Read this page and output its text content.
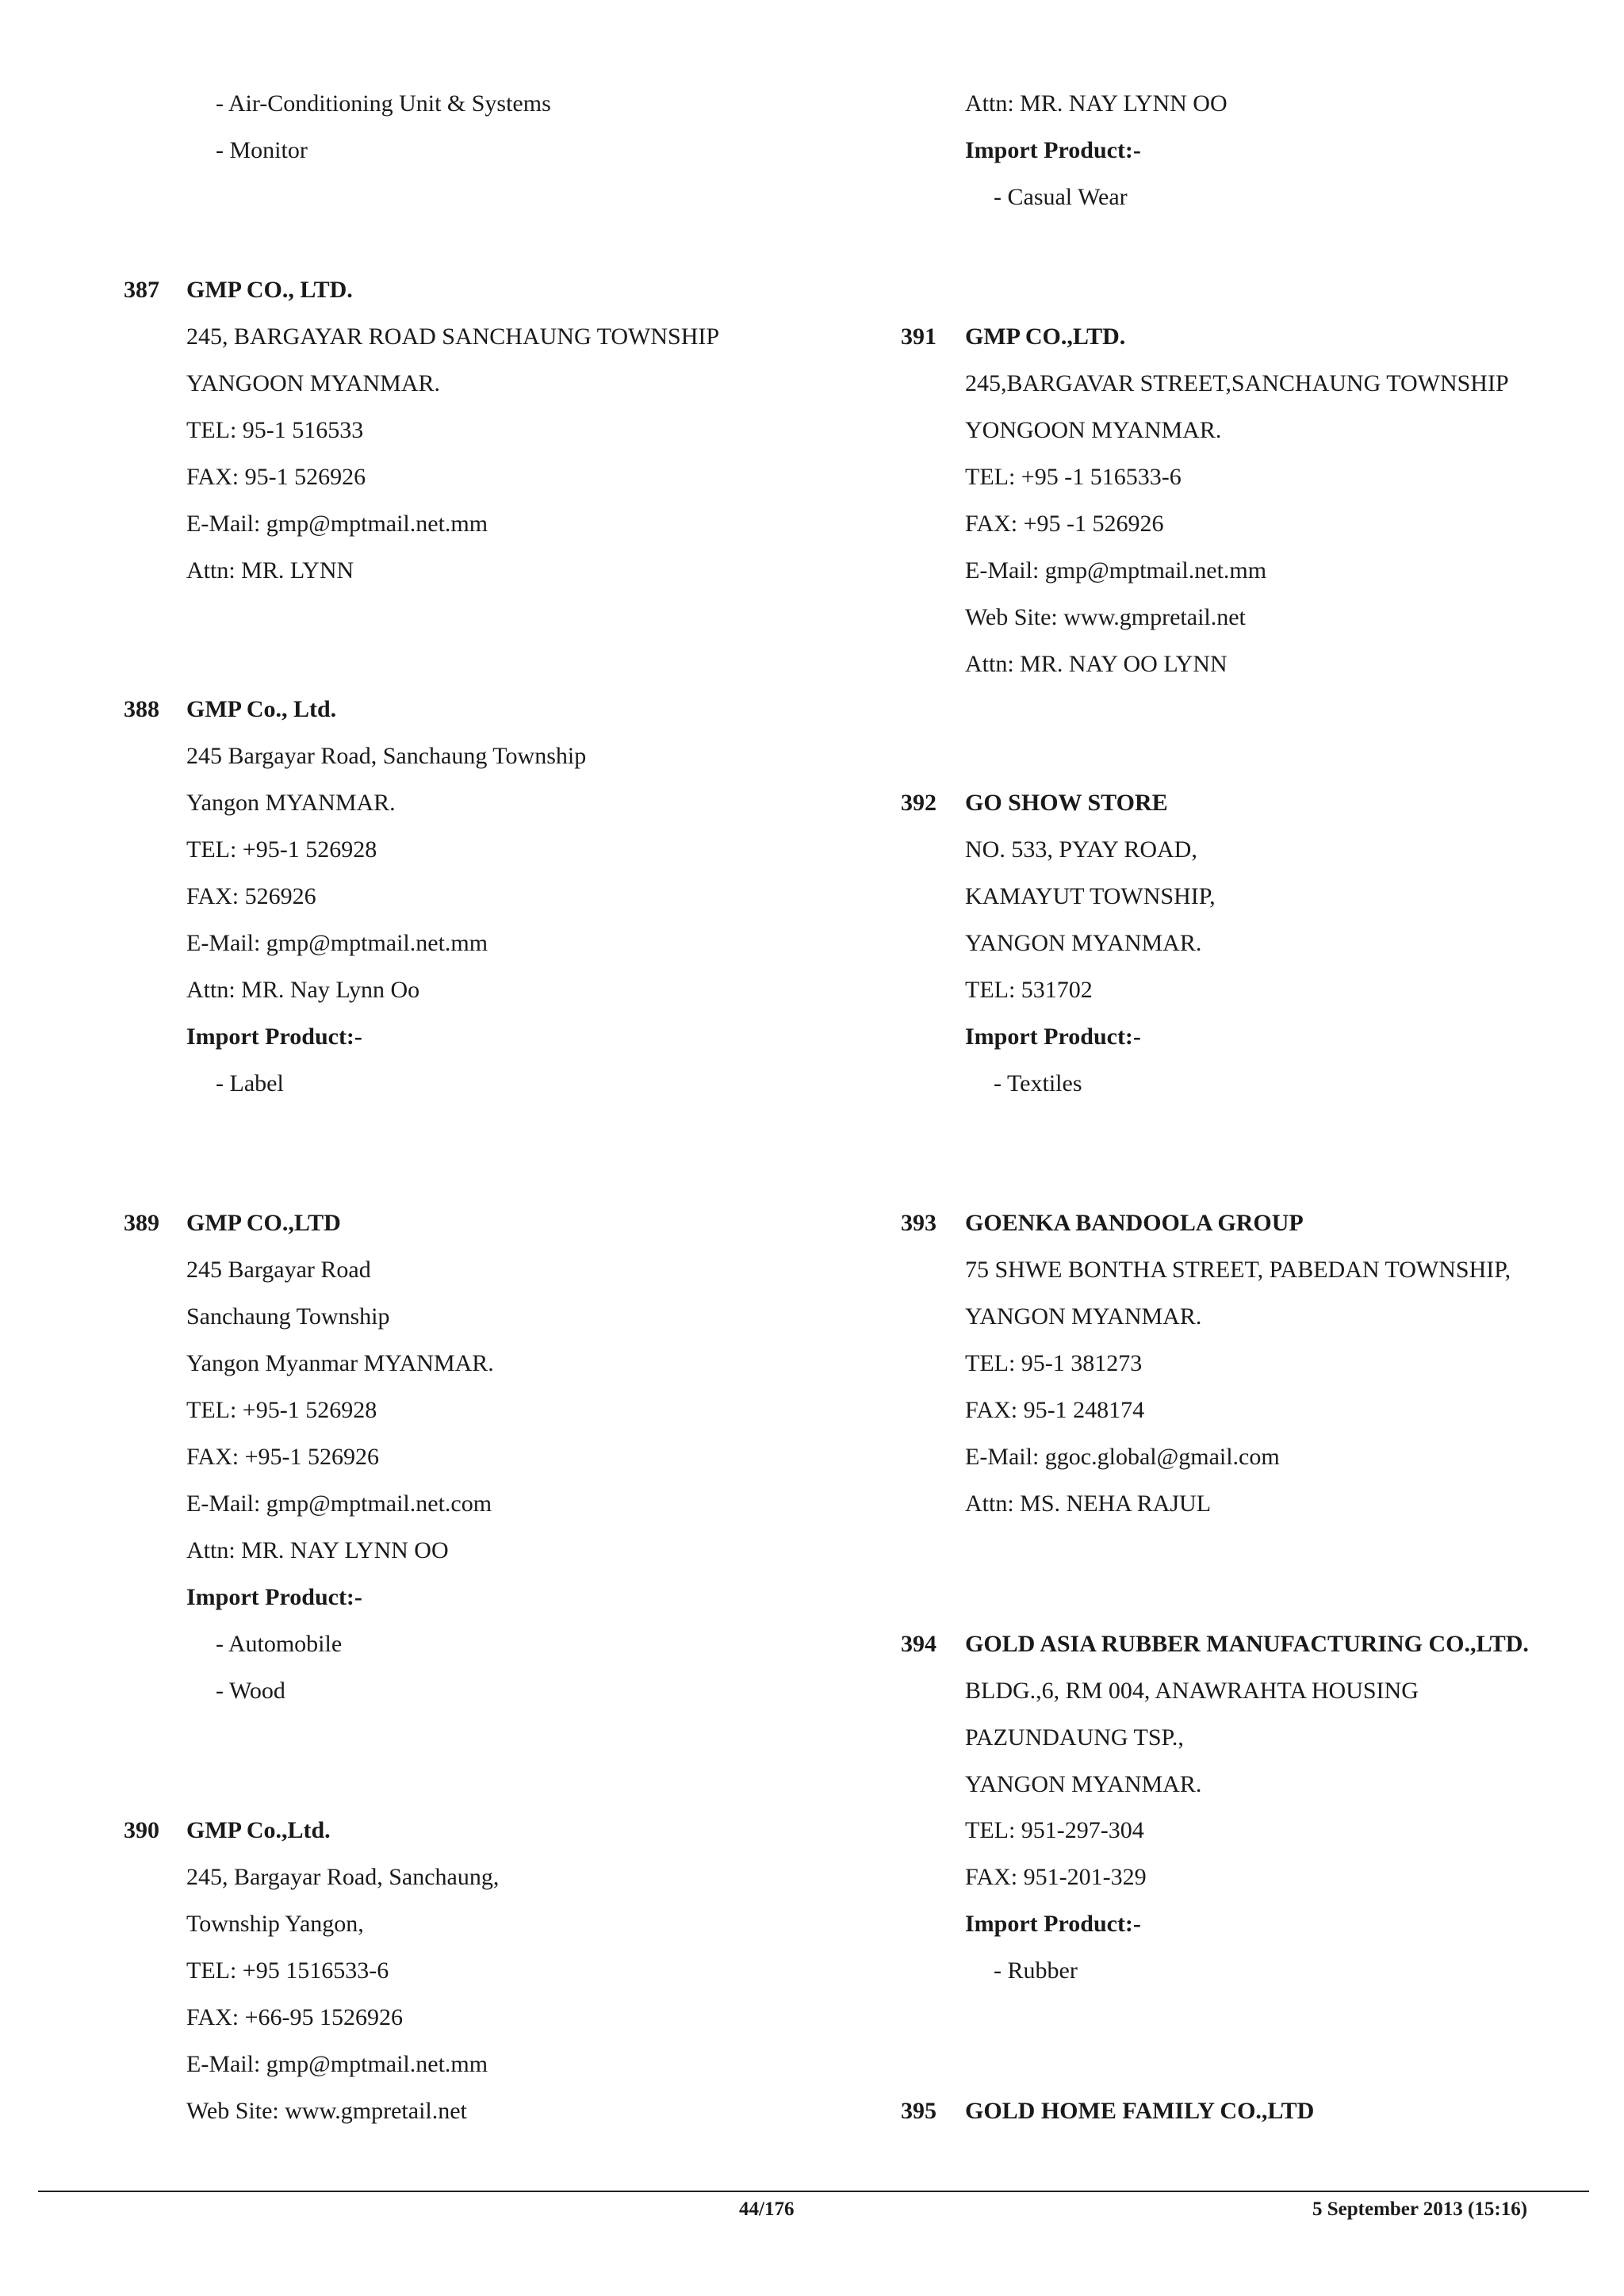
- Air-Conditioning Unit & Systems
- Monitor
387 GMP CO., LTD.
245, BARGAYAR ROAD SANCHAUNG TOWNSHIP
YANGOON MYANMAR.
TEL: 95-1 516533
FAX: 95-1 526926
E-Mail: gmp@mptmail.net.mm
Attn: MR. LYNN
388 GMP Co., Ltd.
245 Bargayar Road, Sanchaung Township
Yangon MYANMAR.
TEL: +95-1 526928
FAX: 526926
E-Mail: gmp@mptmail.net.mm
Attn: MR. Nay Lynn Oo
Import Product:-
- Label
389 GMP CO.,LTD
245 Bargayar Road
Sanchaung Township
Yangon Myanmar MYANMAR.
TEL: +95-1 526928
FAX: +95-1 526926
E-Mail: gmp@mptmail.net.com
Attn: MR. NAY LYNN OO
Import Product:-
- Automobile
- Wood
390 GMP Co.,Ltd.
245, Bargayar Road, Sanchaung,
Township Yangon,
TEL: +95 1516533-6
FAX: +66-95 1526926
E-Mail: gmp@mptmail.net.mm
Web Site: www.gmpretail.net
Attn: MR. NAY LYNN OO
Import Product:-
- Casual Wear
391 GMP CO.,LTD.
245,BARGAVAR STREET,SANCHAUNG TOWNSHIP
YONGOON MYANMAR.
TEL: +95 -1 516533-6
FAX: +95 -1 526926
E-Mail: gmp@mptmail.net.mm
Web Site: www.gmpretail.net
Attn: MR. NAY OO LYNN
392 GO SHOW STORE
NO. 533, PYAY ROAD,
KAMAYUT TOWNSHIP,
YANGON MYANMAR.
TEL: 531702
Import Product:-
- Textiles
393 GOENKA BANDOOLA GROUP
75 SHWE BONTHA STREET, PABEDAN TOWNSHIP,
YANGON MYANMAR.
TEL: 95-1 381273
FAX: 95-1 248174
E-Mail: ggoc.global@gmail.com
Attn: MS. NEHA RAJUL
394 GOLD ASIA RUBBER MANUFACTURING CO.,LTD.
BLDG.,6, RM 004, ANAWRAHTA HOUSING
PAZUNDAUNG TSP.,
YANGON MYANMAR.
TEL: 951-297-304
FAX: 951-201-329
Import Product:-
- Rubber
395 GOLD HOME FAMILY CO.,LTD
44/176	5 September 2013 (15:16)
